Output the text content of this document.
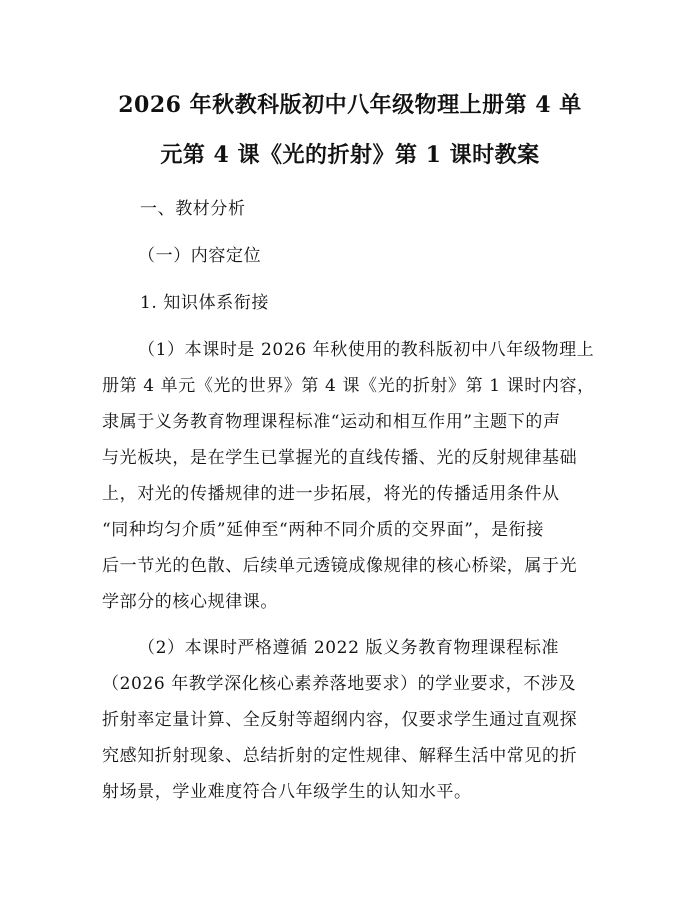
2026 年秋教科版初中八年级物理上册第 4 单
元第 4 课《光的折射》第 1 课时教案
一、教材分析
（一）内容定位
1. 知识体系衔接
（1）本课时是 2026 年秋使用的教科版初中八年级物理上
册第 4 单元《光的世界》第 4 课《光的折射》第 1 课时内容，
隶属于义务教育物理课程标准“运动和相互作用”主题下的声
与光板块，是在学生已掌握光的直线传播、光的反射规律基础
上，对光的传播规律的进一步拓展，将光的传播适用条件从
“同种均匀介质”延伸至“两种不同介质的交界面”，是衔接
后一节光的色散、后续单元透镜成像规律的核心桥梁，属于光
学部分的核心规律课。
（2）本课时严格遵循 2022 版义务教育物理课程标准
（2026 年教学深化核心素养落地要求）的学业要求，不涉及
折射率定量计算、全反射等超纲内容，仅要求学生通过直观探
究感知折射现象、总结折射的定性规律、解释生活中常见的折
射场景，学业难度符合八年级学生的认知水平。
